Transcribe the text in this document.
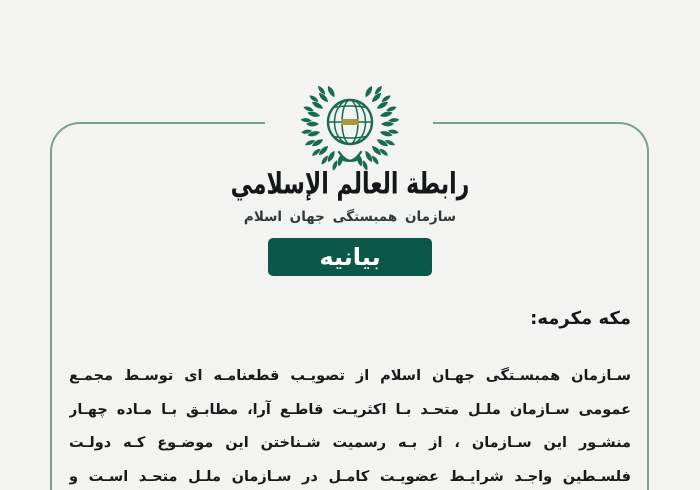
رابطة العالم الإسلامي
سازمان همبستگی جهان اسلام
بیانیه
مکه مکرمه:
سـازمان همبسـتگی جهـان اسلام از تصویـب قطعنامـه ای توسـط مجمـع
عمومی سـازمان ملـل متحـد بـا اکثریـت قاطـع آرا، مطابـق بـا مـاده چهـار
منشـور این سـازمان ، از بـه رسمیت شـناختن این موضـوع کـه دولـت
فلسـطین واجـد شرایـط عضویـت کامـل در سـازمان ملـل متحـد اسـت و
